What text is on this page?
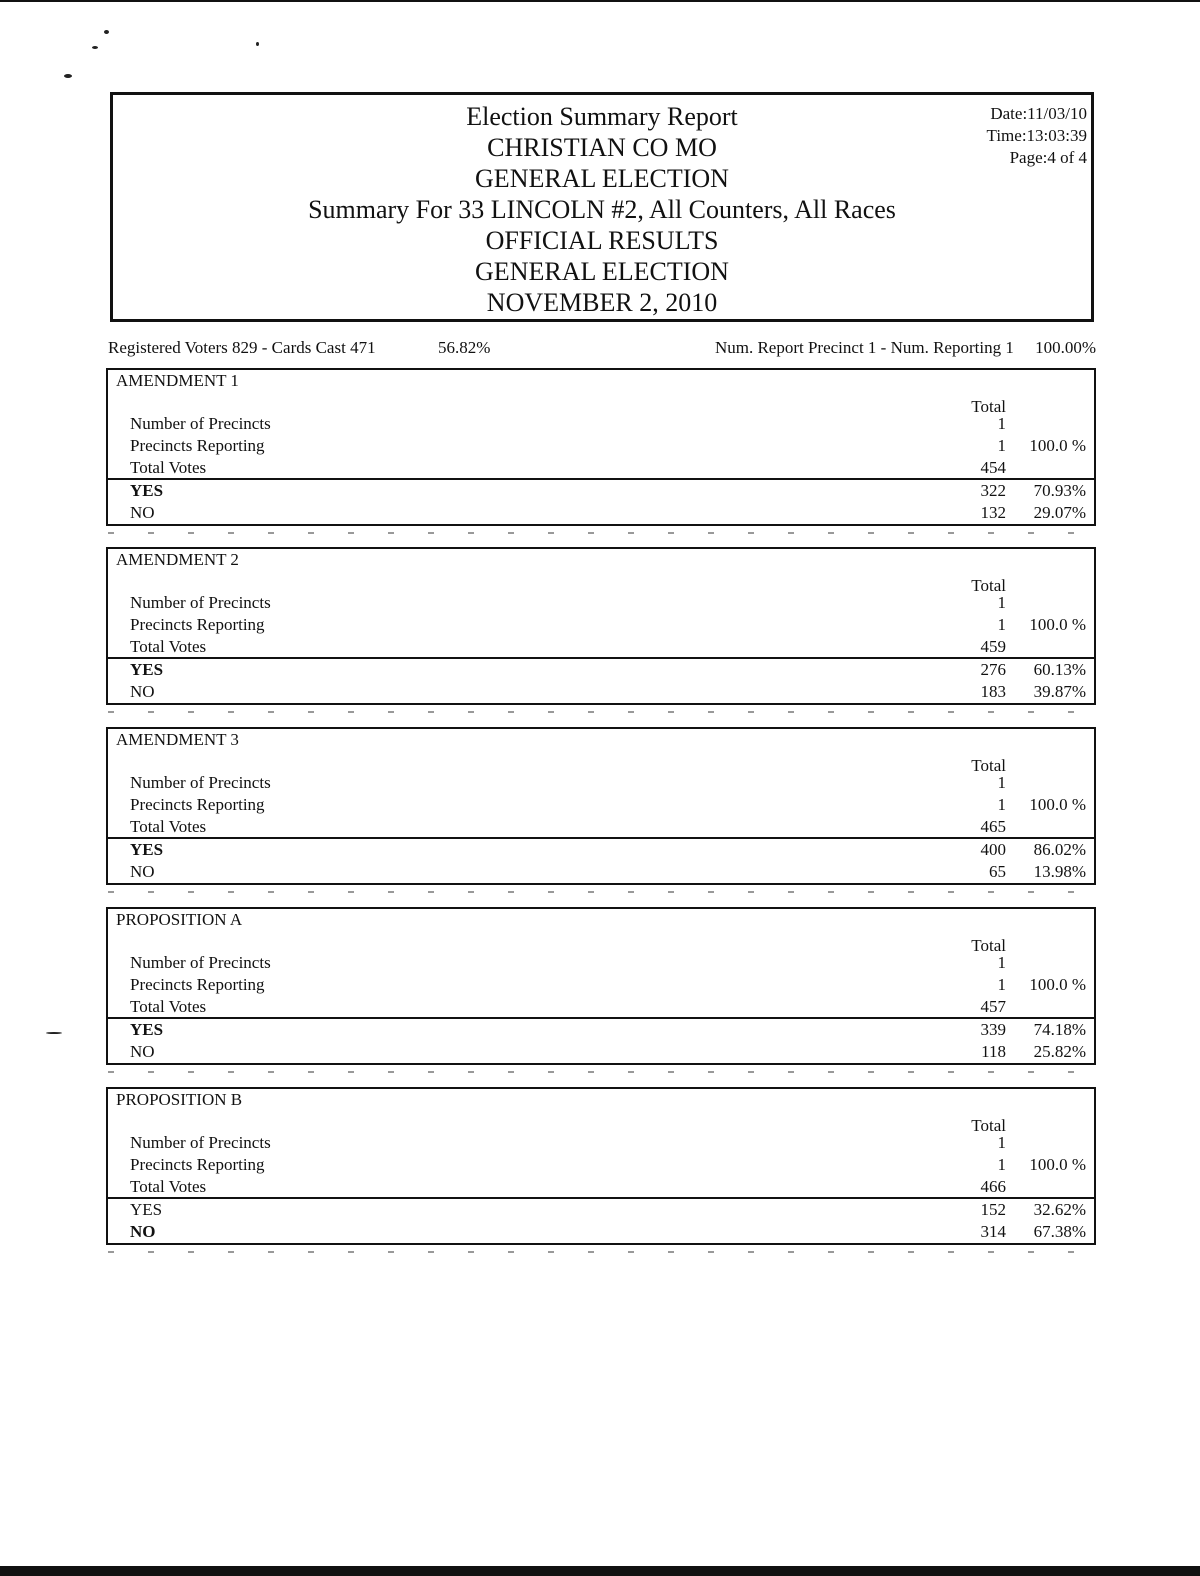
Election Summary Report
CHRISTIAN CO MO
GENERAL ELECTION
Summary For 33 LINCOLN #2, All Counters, All Races
OFFICIAL RESULTS
GENERAL ELECTION
NOVEMBER 2, 2010
Date:11/03/10
Time:13:03:39
Page:4 of 4
Registered Voters 829 - Cards Cast 471	56.82%	Num. Report Precinct 1 - Num. Reporting 1 100.00%
AMENDMENT 1
Total
Number of Precincts	1
Precincts Reporting	1 100.0 %
Total Votes	454
YES	322 70.93%
NO	132 29.07%
AMENDMENT 2
Total
Number of Precincts	1
Precincts Reporting	1 100.0 %
Total Votes	459
YES	276 60.13%
NO	183 39.87%
AMENDMENT 3
Total
Number of Precincts	1
Precincts Reporting	1 100.0 %
Total Votes	465
YES	400 86.02%
NO	65 13.98%
PROPOSITION A
Total
Number of Precincts	1
Precincts Reporting	1 100.0 %
Total Votes	457
YES	339 74.18%
NO	118 25.82%
PROPOSITION B
Total
Number of Precincts	1
Precincts Reporting	1 100.0 %
Total Votes	466
YES	152 32.62%
NO	314 67.38%
